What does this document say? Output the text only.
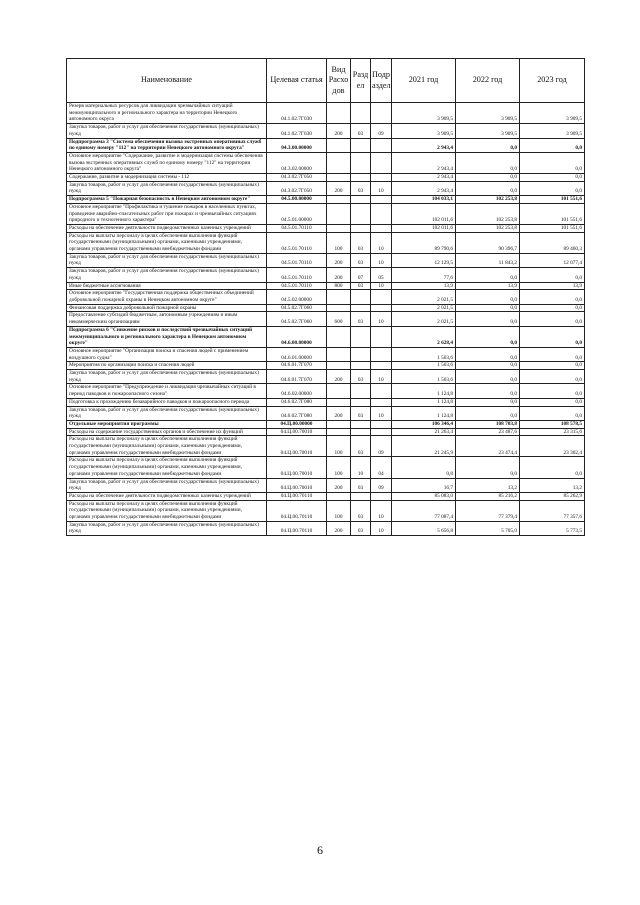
Наименование	Целевая статья	Вид Расхо дов	Разд ел	Подр аздел	2021 год	2022 год	2023 год
Резерв материальных ресурсов для ликвидации чрезвычайных ситуаций межмуниципального и регионального характера на территории Ненецкого автономного округа	04.1.02.7Г030				3 909,5	3 909,5	3 909,5
Закупка товаров, работ и услуг для обеспечения государственных (муниципальных) нужд	04.1.02.7Г030	200	03	09	3 909,5	3 909,5	3 909,5
Подпрограмма 3 "Система обеспечения вызова экстренных оперативных служб по единому номеру "112" на территории Ненецкого автономного округа"	04.3.00.00000				2 943,4	0,0	0,0
Основное мероприятие "Содержание, развитие и модернизация системы обеспечения вызова экстренных оперативных служб по единому номеру "112" на территории Ненецкого автономного округа"	04.3.02.00000				2 943,4	0,0	0,0
Содержание, развитие и модернизация системы - 112	04.3.02.7Г050				2 943,4	0,0	0,0
Закупка товаров, работ и услуг для обеспечения государственных (муниципальных) нужд	04.3.02.7Г050	200	03	10	2 943,4	0,0	0,0
Подпрограмма 5 "Пожарная безопасность в Ненецком автономном округе"	04.5.00.00000				104 033,1	102 253,8	101 551,6
Основное мероприятие "Профилактика и тушение пожаров в населенных пунктах, проведение аварийно-спасательных работ при пожарах и чрезвычайных ситуациях природного и техногенного характера"	04.5.01.00000				102 011,6	102 253,8	101 551,6
Расходы на обеспечение деятельности подведомственных казенных учреждений	04.5.01.70110				102 011,6	102 253,8	101 551,6
Расходы на выплаты персоналу в целях обеспечения выполнения функций государственными (муниципальными) органами, казенными учреждениями, органами управления государственными внебюджетными фондами	04.5.01.70110	100	03	10	89 790,6	90 396,7	89 460,3
Закупка товаров, работ и услуг для обеспечения государственных (муниципальных) нужд	04.5.01.70110	200	03	10	12 129,5	11 843,2	12 077,4
Закупка товаров, работ и услуг для обеспечения государственных (муниципальных) нужд	04.5.01.70110	200	07	05	77,6	0,0	0,0
Иные бюджетные ассигнования	04.5.01.70110	800	03	10	13,9	13,9	13,9
Основное мероприятие "Государственная поддержка общественных объединений добровольной пожарной охраны в Ненецком автономном округе"	04.5.02.00000				2 021,5	0,0	0,0
Финансовая поддержка добровольной пожарной охраны	04.5.02.7Г060				2 021,5	0,0	0,0
Предоставление субсидий бюджетным, автономным учреждениям и иным некоммерческим организациям	04.5.02.7Г060	600	03	10	2 021,5	0,0	0,0
Подпрограмма 6 "Снижение рисков и последствий чрезвычайных ситуаций межмуниципального и регионального характера в Ненецком автономном округе"	04.6.00.00000				2 628,4	0,0	0,0
Основное мероприятие "Организация поиска и спасения людей с применением воздушного судна"	04.6.01.00000				1 503,6	0,0	0,0
Мероприятия по организации поиска и спасения людей	04.6.01.7Г070				1 503,6	0,0	0,0
Закупка товаров, работ и услуг для обеспечения государственных (муниципальных) нужд	04.6.01.7Г070	200	03	10	1 503,6	0,0	0,0
Основное мероприятие "Предупреждение и ликвидация чрезвычайных ситуаций в период паводков и пожароопасного сезона"	04.6.02.00000				1 124,8	0,0	0,0
Подготовка к прохождению безаварийного паводков и пожароопасного периода	04.6.02.7Г080				1 124,8	0,0	0,0
Закупка товаров, работ и услуг для обеспечения государственных (муниципальных) нужд	04.6.02.7Г080	200	03	10	1 124,8	0,0	0,0
Отдельные мероприятия программы	04.Ц.00.00000				106 346,4	108 703,8	108 578,5
Расходы на содержание государственных органов и обеспечение их функций	04.Ц.00.70010				21 263,4	23 487,6	23 315,6
Расходы на выплаты персоналу в целях обеспечения выполнения функций государственными (муниципальными) органами, казенными учреждениями, органами управления государственными внебюджетными фондами	04.Ц.00.70010	100	03	09	21 245,9	23 474,4	23 302,4
Расходы на выплаты персоналу в целях обеспечения выполнения функций государственными (муниципальными) органами, казенными учреждениями, органами управления государственными внебюджетными фондами	04.Ц.00.70010	100	10	04	0,8	0,0	0,0
Закупка товаров, работ и услуг для обеспечения государственных (муниципальных) нужд	04.Ц.00.70010	200	03	09	16,7	13,2	13,2
Расходы на обеспечение деятельности подведомственных казенных учреждений	04.Ц.00.70110				85 083,0	85 216,2	85 262,9
Расходы на выплаты персоналу в целях обеспечения выполнения функций государственными (муниципальными) органами, казенными учреждениями, органами управления государственными внебюджетными фондами	04.Ц.00.70110	100	03	10	77 087,4	77 379,4	77 357,6
Закупка товаров, работ и услуг для обеспечения государственных (муниципальных) нужд	04.Ц.00.70110	200	03	10	5 656,8	5 705,0	5 773,5
6
